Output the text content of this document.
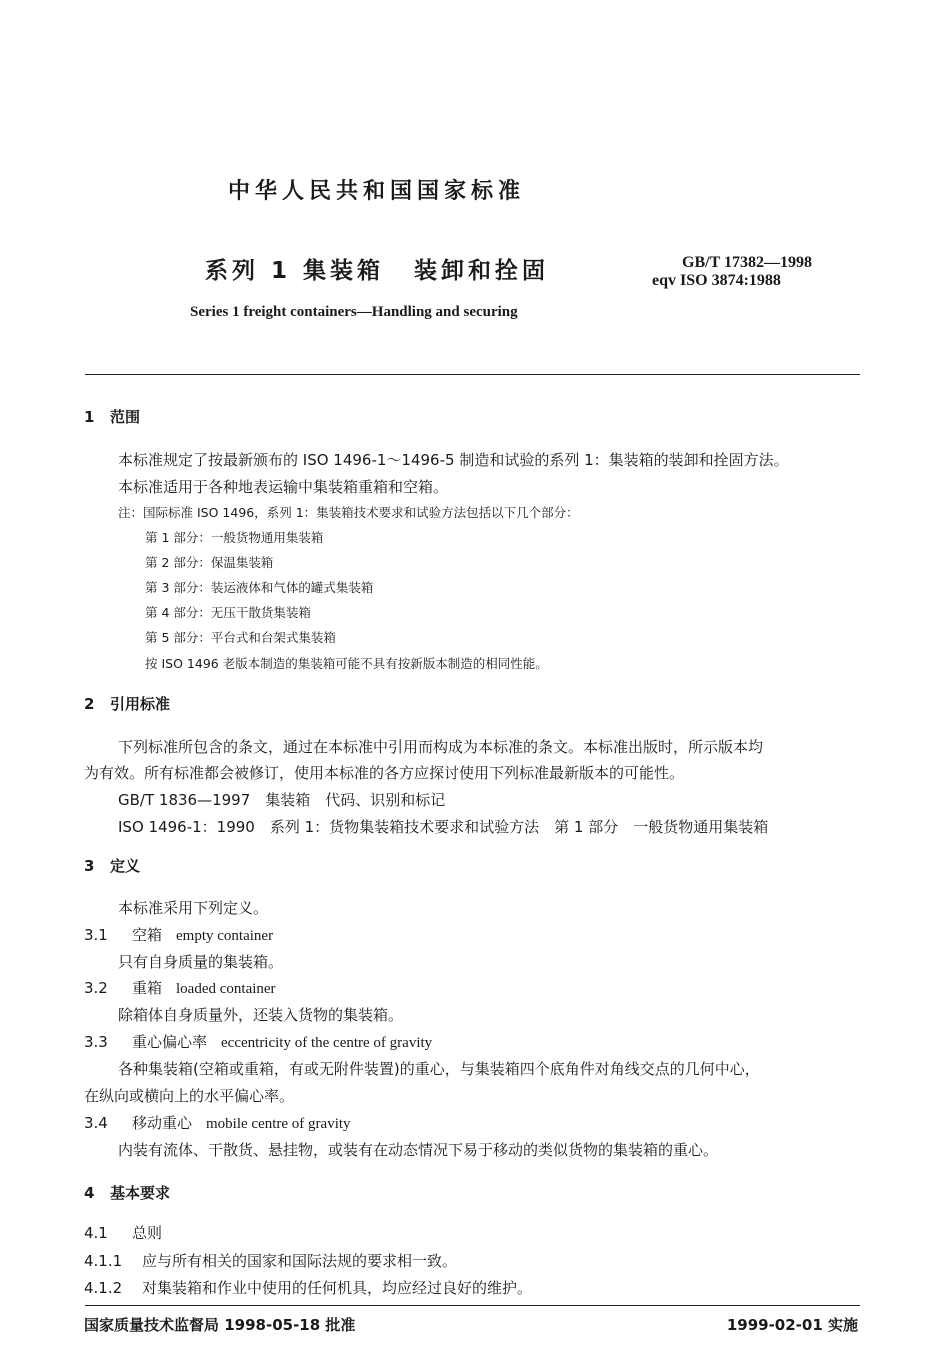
中华人民共和国国家标准
系列 1 集装箱 装卸和拴固	GB/T 17382—1998
eqv ISO 3874:1988
Series 1 freight containers—Handling and securing
1 范围
本标准规定了按最新颁布的 ISO 1496-1～1496-5 制造和试验的系列 1：集装箱的装卸和拴固方法。
本标准适用于各种地表运输中集装箱重箱和空箱。
注：国际标准 ISO 1496，系列 1：集装箱技术要求和试验方法包括以下几个部分：
第 1 部分：一般货物通用集装箱
第 2 部分：保温集装箱
第 3 部分：装运液体和气体的罐式集装箱
第 4 部分：无压干散货集装箱
第 5 部分：平台式和台架式集装箱
按 ISO 1496 老版本制造的集装箱可能不具有按新版本制造的相同性能。
2 引用标准
下列标准所包含的条文，通过在本标准中引用而构成为本标准的条文。本标准出版时，所示版本均
为有效。所有标准都会被修订，使用本标准的各方应探讨使用下列标准最新版本的可能性。
GB/T 1836—1997　集装箱　代码、识别和标记
ISO 1496-1：1990　系列 1：货物集装箱技术要求和试验方法　第 1 部分　一般货物通用集装箱
3 定义
本标准采用下列定义。
3.1 空箱 empty container
只有自身质量的集装箱。
3.2 重箱 loaded container
除箱体自身质量外，还装入货物的集装箱。
3.3 重心偏心率 eccentricity of the centre of gravity
各种集装箱(空箱或重箱，有或无附件装置)的重心，与集装箱四个底角件对角线交点的几何中心，
在纵向或横向上的水平偏心率。
3.4 移动重心 mobile centre of gravity
内装有流体、干散货、悬挂物，或装有在动态情况下易于移动的类似货物的集装箱的重心。
4 基本要求
4.1 总则
4.1.1 应与所有相关的国家和国际法规的要求相一致。
4.1.2 对集装箱和作业中使用的任何机具，均应经过良好的维护。
国家质量技术监督局 1998-05-18 批准	1999-02-01 实施
